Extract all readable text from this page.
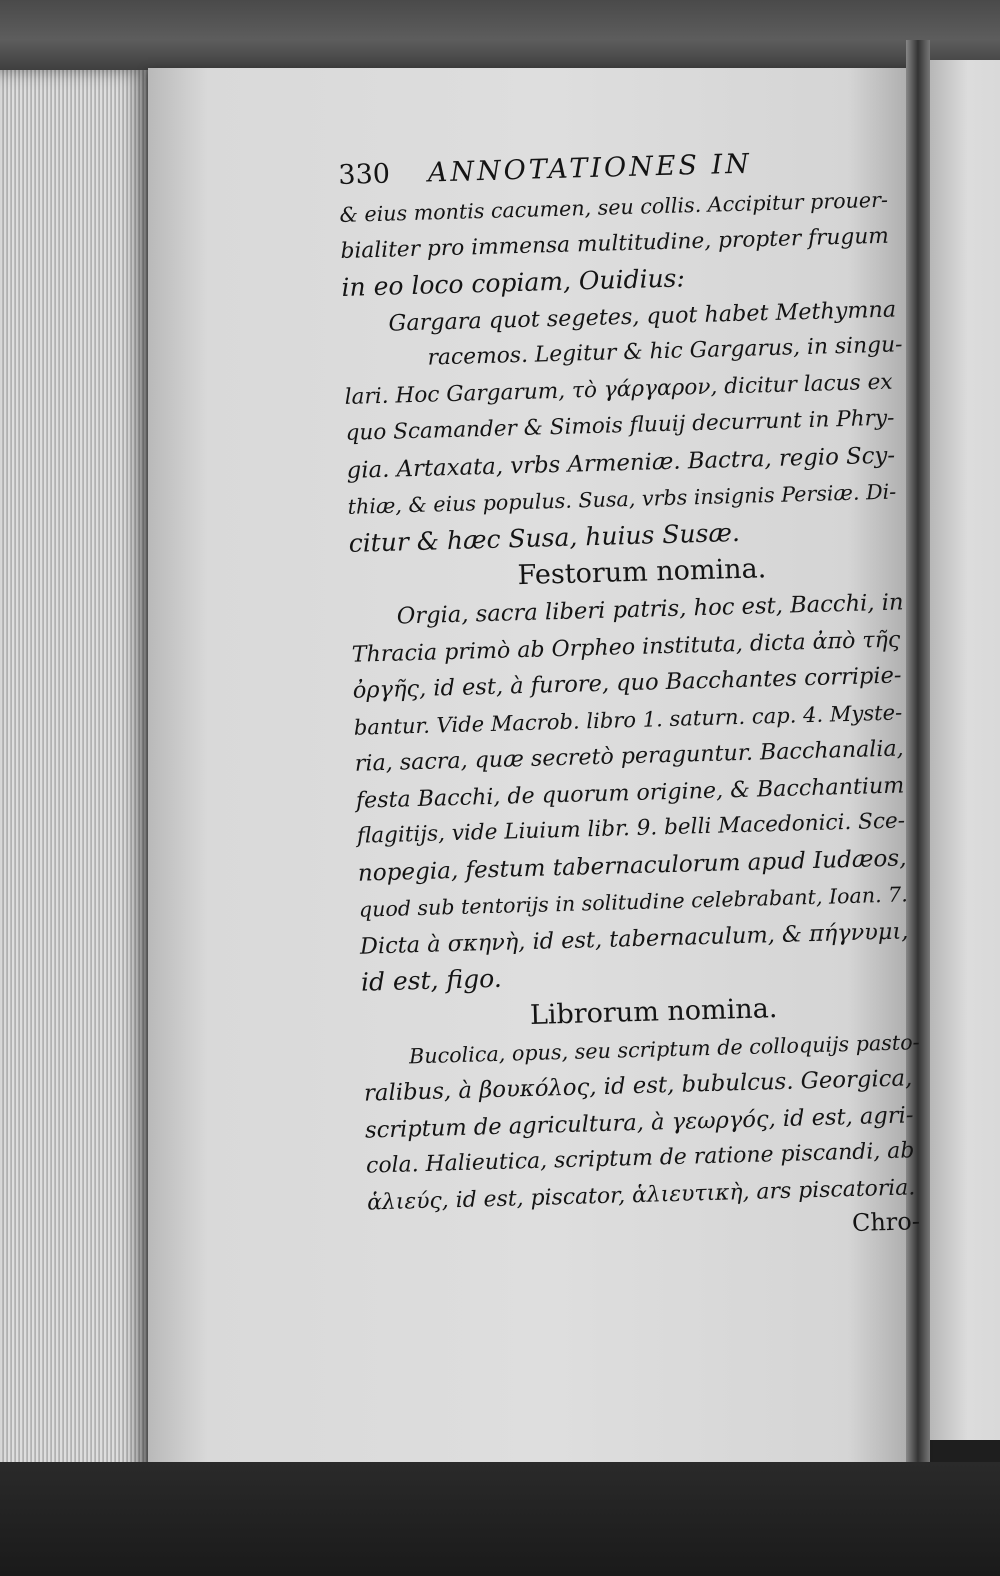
330 ANNOTATIONES IN
& eius montis cacumen, seu collis. Accipitur prouer-
bialiter pro immensa multitudine, propter frugum
in eo loco copiam, Ouidius:
Gargara quot segetes, quot habet Methymna
racemos. Legitur & hic Gargarus, in singu-
lari. Hoc Gargarum, τὸ γάργαρον, dicitur lacus ex
quo Scamander & Simois fluuij decurrunt in Phry-
gia. Artaxata, vrbs Armeniæ. Bactra, regio Scy-
thiæ, & eius populus. Susa, vrbs insignis Persiæ. Di-
citur & hæc Susa, huius Susæ.
Festorum nomina.
Orgia, sacra liberi patris, hoc est, Bacchi, in
Thracia primò ab Orpheo instituta, dicta ἀπὸ τῆς
ὀργῆς, id est, à furore, quo Bacchantes corripie-
bantur. Vide Macrob. libro 1. saturn. cap. 4. Myste-
ria, sacra, quæ secretò peraguntur. Bacchanalia,
festa Bacchi, de quorum origine, & Bacchantium
flagitijs, vide Liuium libr. 9. belli Macedonici. Sce-
nopegia, festum tabernaculorum apud Iudæos,
quod sub tentorijs in solitudine celebrabant, Ioan. 7.
Dicta à σκηνὴ, id est, tabernaculum, & πήγνυμι,
id est, figo.
Librorum nomina.
Bucolica, opus, seu scriptum de colloquijs pasto-
ralibus, à βουκόλος, id est, bubulcus. Georgica,
scriptum de agricultura, à γεωργός, id est, agri-
cola. Halieutica, scriptum de ratione piscandi, ab
ἁλιεύς, id est, piscator, ἁλιευτικὴ, ars piscatoria.
Chro-
